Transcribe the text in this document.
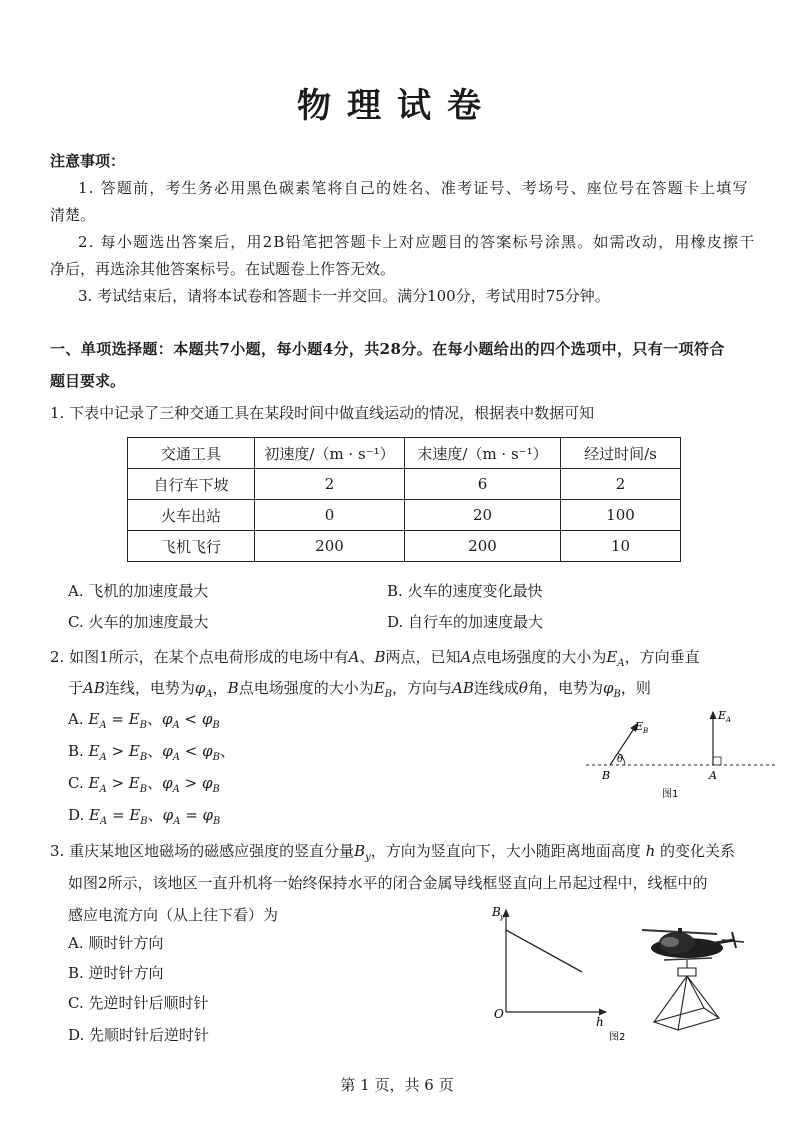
物理试卷
注意事项：
1. 答题前，考生务必用黑色碳素笔将自己的姓名、准考证号、考场号、座位号在答题卡上填写
清楚。
2. 每小题选出答案后，用2B铅笔把答题卡上对应题目的答案标号涂黑。如需改动，用橡皮擦干
净后，再选涂其他答案标号。在试题卷上作答无效。
3. 考试结束后，请将本试卷和答题卡一并交回。满分100分，考试用时75分钟。
一、单项选择题：本题共7小题，每小题4分，共28分。在每小题给出的四个选项中，只有一项符合
题目要求。
1. 下表中记录了三种交通工具在某段时间中做直线运动的情况，根据表中数据可知
交通工具	初速度/（m · s⁻¹）	末速度/（m · s⁻¹）	经过时间/s
自行车下坡	2	6	2
火车出站	0	20	100
飞机飞行	200	200	10
A. 飞机的加速度最大	B. 火车的速度变化最快
C. 火车的加速度最大	D. 自行车的加速度最大
2. 如图1所示，在某个点电荷形成的电场中有A、B两点，已知A点电场强度的大小为$E_A$，方向垂直
于AB连线，电势为$\varphi_A$，B点电场强度的大小为$E_B$，方向与AB连线成θ角，电势为$\varphi_B$，则
A. $E_A = E_B$、$\varphi_A < \varphi_B$
B. $E_A > E_B$、$\varphi_A < \varphi_B$、
C. $E_A > E_B$、$\varphi_A > \varphi_B$
D. $E_A = E_B$、$\varphi_A = \varphi_B$
E B
E A
θ
B	A
图1
3. 重庆某地区地磁场的磁感应强度的竖直分量$B_y$，方向为竖直向下，大小随距离地面高度 h 的变化关系
如图2所示，该地区一直升机将一始终保持水平的闭合金属导线框竖直向上吊起过程中，线框中的
感应电流方向（从上往下看）为
A. 顺时针方向
B. 逆时针方向
C. 先逆时针后顺时针
D. 先顺时针后逆时针
B y
h
O
图2
第 1 页，共 6 页
